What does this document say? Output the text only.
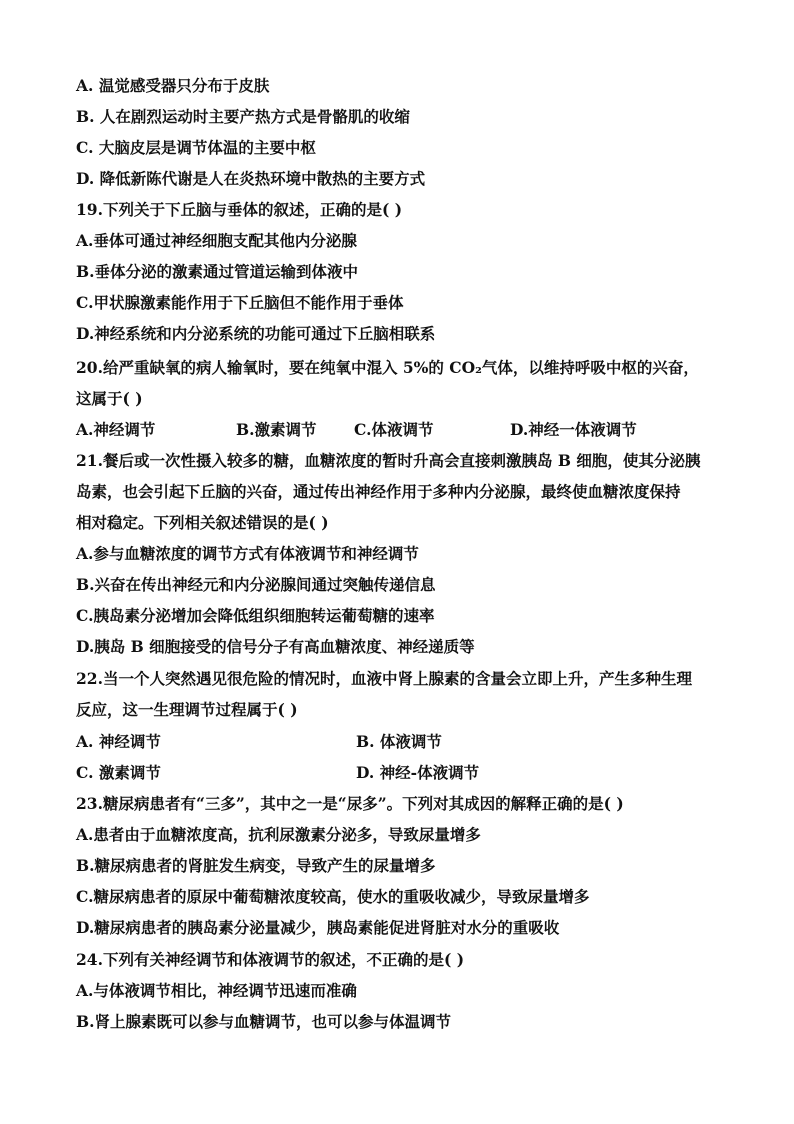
A. 温觉感受器只分布于皮肤
B. 人在剧烈运动时主要产热方式是骨骼肌的收缩
C. 大脑皮层是调节体温的主要中枢
D. 降低新陈代谢是人在炎热环境中散热的主要方式
19.下列关于下丘脑与垂体的叙述，正确的是( )
A.垂体可通过神经细胞支配其他内分泌腺
B.垂体分泌的激素通过管道运输到体液中
C.甲状腺激素能作用于下丘脑但不能作用于垂体
D.神经系统和内分泌系统的功能可通过下丘脑相联系
20.给严重缺氧的病人输氧时，要在纯氧中混入 5%的 CO₂气体，以维持呼吸中枢的兴奋，
这属于( )
A.神经调节	B.激素调节 C.体液调节	D.神经一体液调节
21.餐后或一次性摄入较多的糖，血糖浓度的暂时升高会直接刺激胰岛 B 细胞，使其分泌胰
岛素，也会引起下丘脑的兴奋，通过传出神经作用于多种内分泌腺，最终使血糖浓度保持
相对稳定。下列相关叙述错误的是( )
A.参与血糖浓度的调节方式有体液调节和神经调节
B.兴奋在传出神经元和内分泌腺间通过突触传递信息
C.胰岛素分泌增加会降低组织细胞转运葡萄糖的速率
D.胰岛 B 细胞接受的信号分子有高血糖浓度、神经递质等
22.当一个人突然遇见很危险的情况时，血液中肾上腺素的含量会立即上升，产生多种生理
反应，这一生理调节过程属于( )
A. 神经调节	B. 体液调节
C. 激素调节	D. 神经-体液调节
23.糖尿病患者有“三多”，其中之一是“尿多”。下列对其成因的解释正确的是( )
A.患者由于血糖浓度高，抗利尿激素分泌多，导致尿量增多
B.糖尿病患者的肾脏发生病变，导致产生的尿量增多
C.糖尿病患者的原尿中葡萄糖浓度较高，使水的重吸收减少，导致尿量增多
D.糖尿病患者的胰岛素分泌量减少，胰岛素能促进肾脏对水分的重吸收
24.下列有关神经调节和体液调节的叙述，不正确的是( )
A.与体液调节相比，神经调节迅速而准确
B.肾上腺素既可以参与血糖调节，也可以参与体温调节
